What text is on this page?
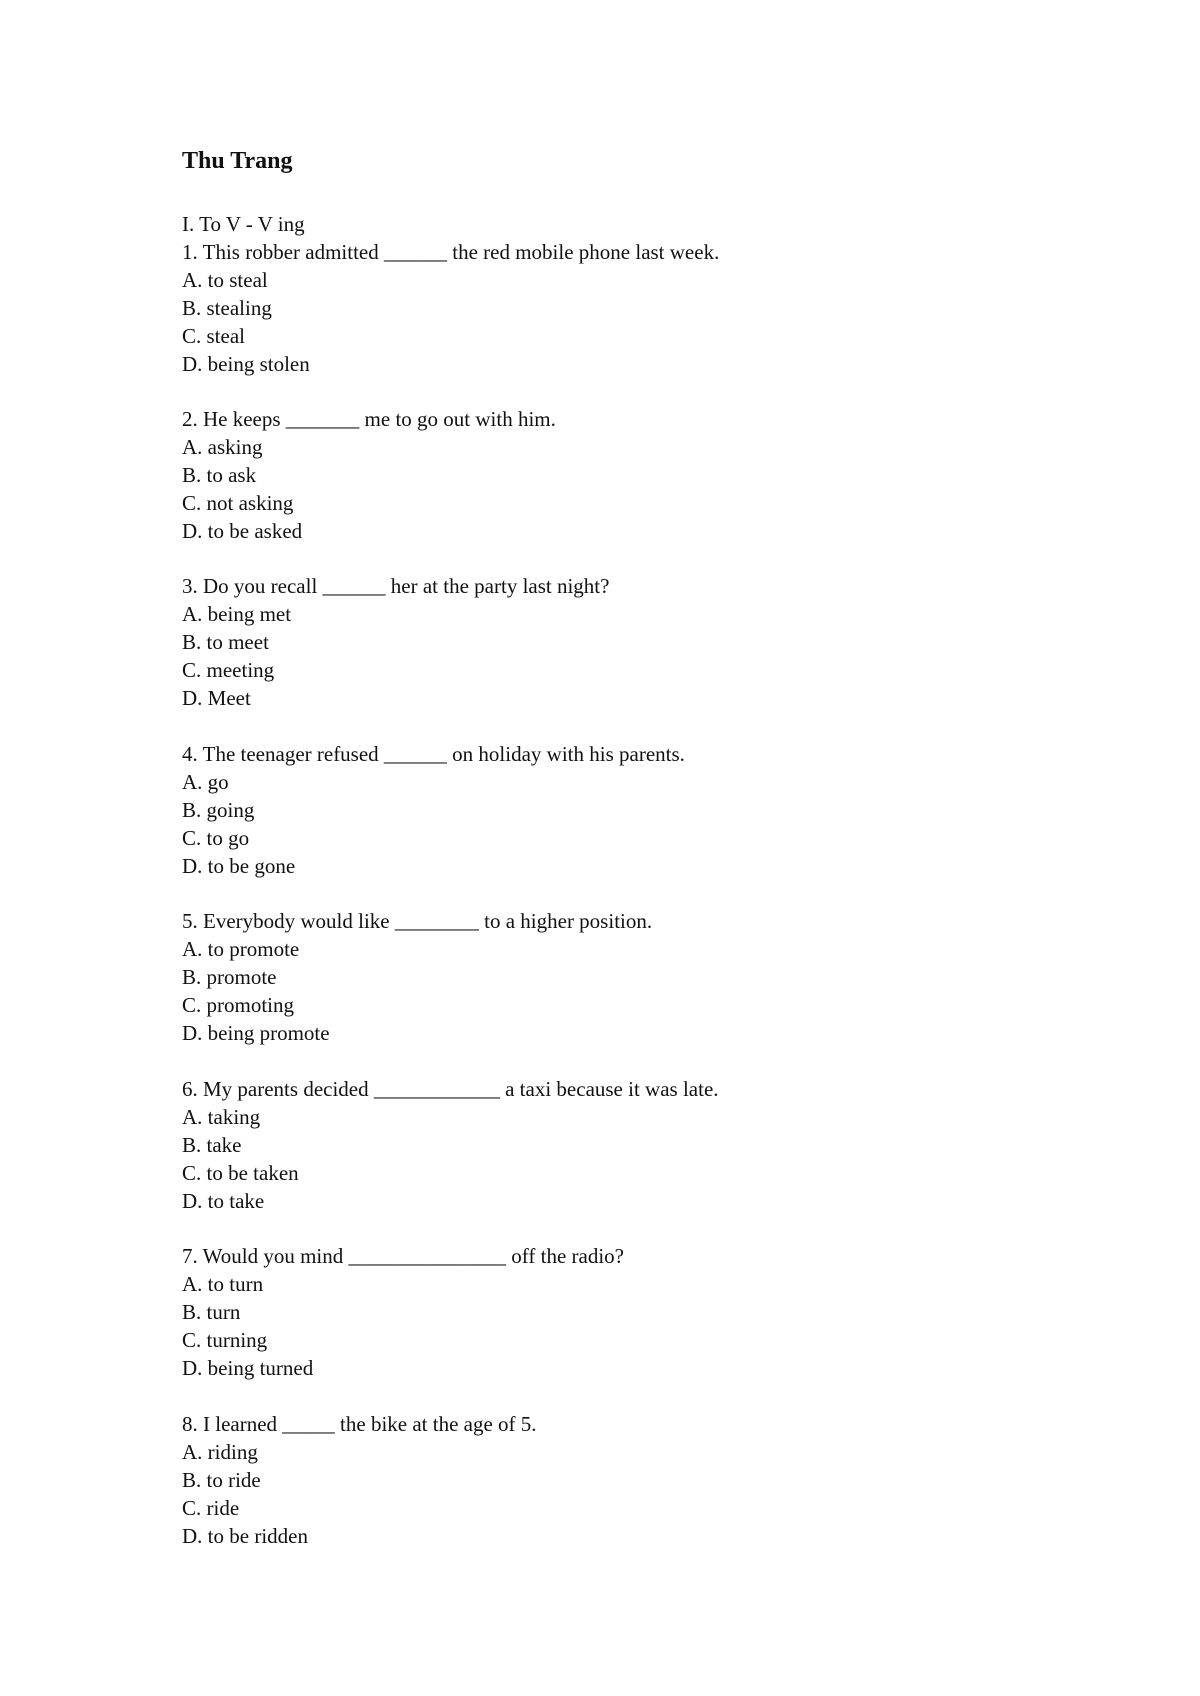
Thu Trang
I. To V - V ing
1. This robber admitted ______ the red mobile phone last week.
A. to steal
B. stealing
C. steal
D. being stolen
2. He keeps _______ me to go out with him.
A. asking
B. to ask
C. not asking
D. to be asked
3. Do you recall ______ her at the party last night?
A. being met
B. to meet
C. meeting
D. Meet
4. The teenager refused ______ on holiday with his parents.
A. go
B. going
C. to go
D. to be gone
5. Everybody would like ________ to a higher position.
A. to promote
B. promote
C. promoting
D. being promote
6. My parents decided ____________ a taxi because it was late.
A. taking
B. take
C. to be taken
D. to take
7. Would you mind _______________ off the radio?
A. to turn
B. turn
C. turning
D. being turned
8. I learned _____ the bike at the age of 5.
A. riding
B. to ride
C. ride
D. to be ridden
